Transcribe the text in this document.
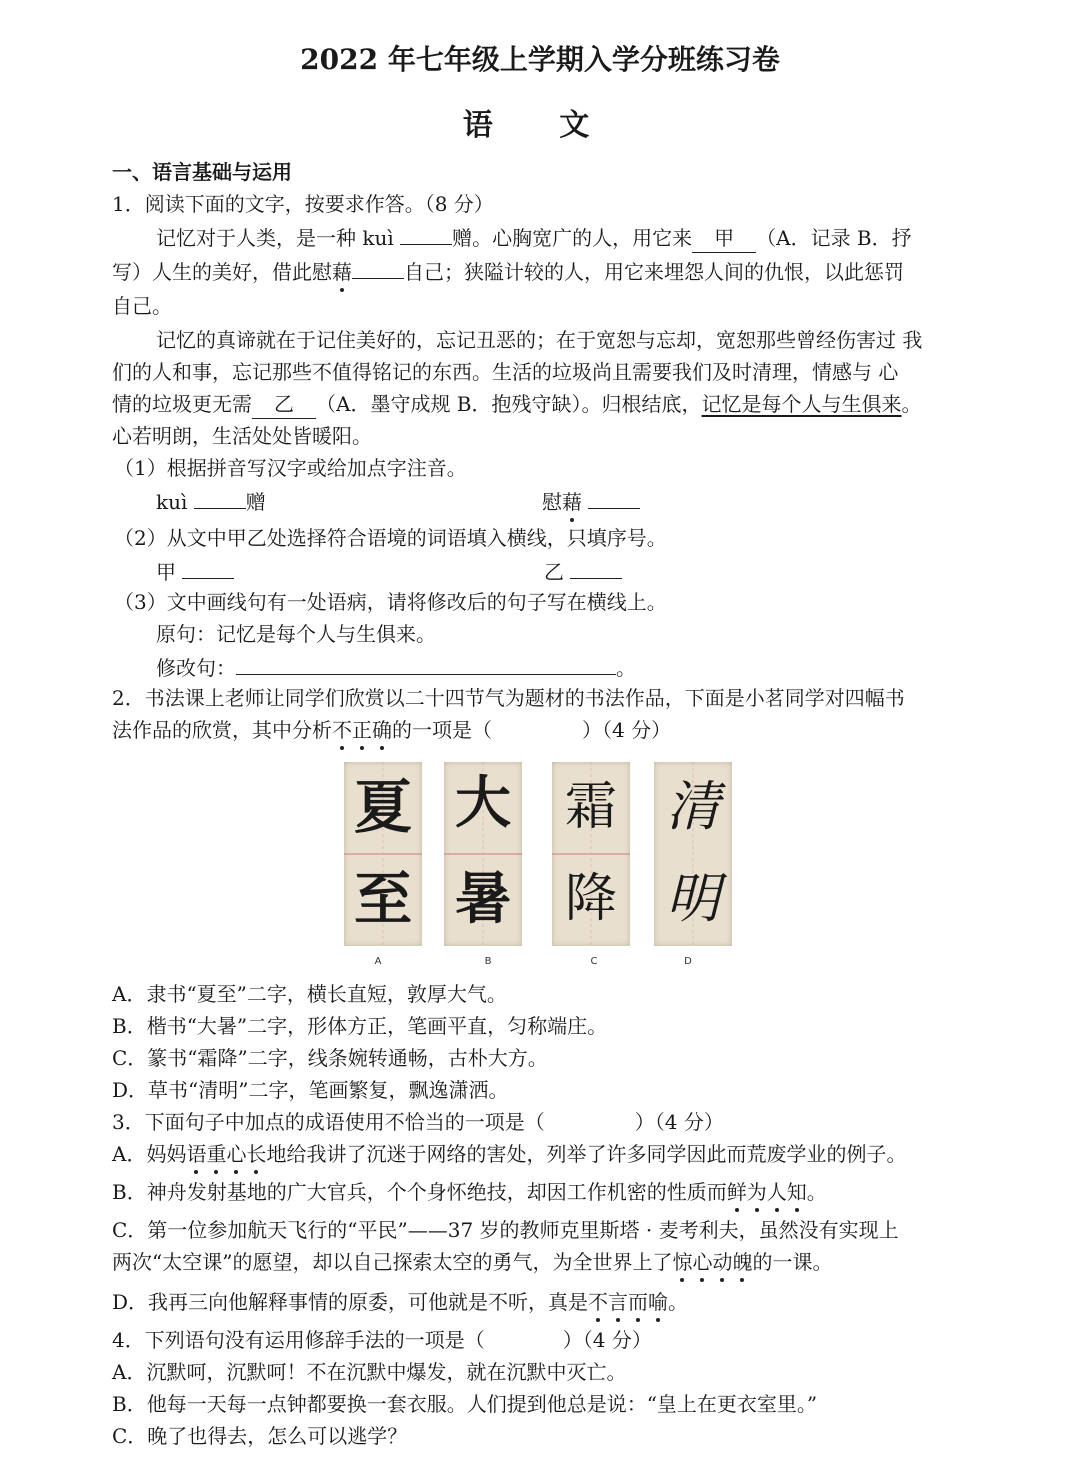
2022 年七年级上学期入学分班练习卷
语 文
一、语言基础与运用
1．阅读下面的文字，按要求作答。（8 分）
记忆对于人类，是一种 kuì	赠。心胸宽广的人，用它来 甲 （A．记录 B．抒
写）人生的美好，借此慰藉	自己；狭隘计较的人，用它来埋怨人间的仇恨，以此惩罚
自己。
记忆的真谛就在于记住美好的，忘记丑恶的；在于宽恕与忘却，宽恕那些曾经伤害过 我
们的人和事，忘记那些不值得铭记的东西。生活的垃圾尚且需要我们及时清理，情感与 心
情的垃圾更无需 乙 （A．墨守成规 B．抱残守缺）。归根结底，记忆是每个人与生俱来。
心若明朗，生活处处皆暖阳。
（1）根据拼音写汉字或给加点字注音。
kuì	赠	慰藉
（2）从文中甲乙处选择符合语境的词语填入横线，只填序号。
甲	乙
（3）文中画线句有一处语病，请将修改后的句子写在横线上。
原句：记忆是每个人与生俱来。
修改句：	。
2．书法课上老师让同学们欣赏以二十四节气为题材的书法作品，下面是小茗同学对四幅书
法作品的欣赏，其中分析不正确的一项是（	）（4 分）
夏
至
大
暑
霜
降
清
明
A	B	C	D
A．隶书“夏至”二字，横长直短，敦厚大气。
B．楷书“大暑”二字，形体方正，笔画平直，匀称端庄。
C．篆书“霜降”二字，线条婉转通畅，古朴大方。
D．草书“清明”二字，笔画繁复，飘逸潇洒。
3．下面句子中加点的成语使用不恰当的一项是（	）（4 分）
A．妈妈语重心长地给我讲了沉迷于网络的害处，列举了许多同学因此而荒废学业的例子。
B．神舟发射基地的广大官兵，个个身怀绝技，却因工作机密的性质而鲜为人知。
C．第一位参加航天飞行的“平民”——37 岁的教师克里斯塔 · 麦考利夫，虽然没有实现上
两次“太空课”的愿望，却以自己探索太空的勇气，为全世界上了惊心动魄的一课。
D．我再三向他解释事情的原委，可他就是不听，真是不言而喻。
4．下列语句没有运用修辞手法的一项是（	）（4 分）
A．沉默呵，沉默呵！不在沉默中爆发，就在沉默中灭亡。
B．他每一天每一点钟都要换一套衣服。人们提到他总是说：“皇上在更衣室里。”
C．晚了也得去，怎么可以逃学？
